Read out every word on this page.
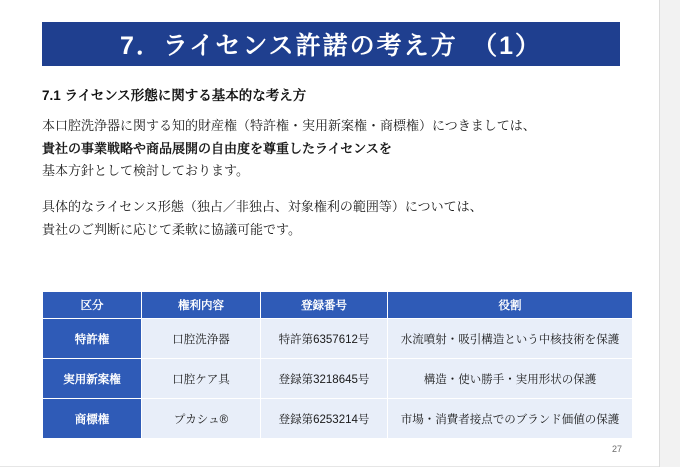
7．ライセンス許諾の考え方　（1）

7.1 ライセンス形態に関する基本的な考え方

本口腔洗浄器に関する知的財産権（特許権・実用新案権・商標権）につきましては、

貴社の事業戦略や商品展開の自由度を尊重したライセンスを

基本方針として検討しております。

具体的なライセンス形態（独占／非独占、対象権利の範囲等）については、

貴社のご判断に応じて柔軟に協議可能です。

区分	権利内容	登録番号	役割
特許権	口腔洗浄器	特許第6357612号	水流噴射・吸引構造という中核技術を保護
実用新案権	口腔ケア具	登録第3218645号	構造・使い勝手・実用形状の保護
商標権	プカシュ®	登録第6253214号	市場・消費者接点でのブランド価値の保護
27
